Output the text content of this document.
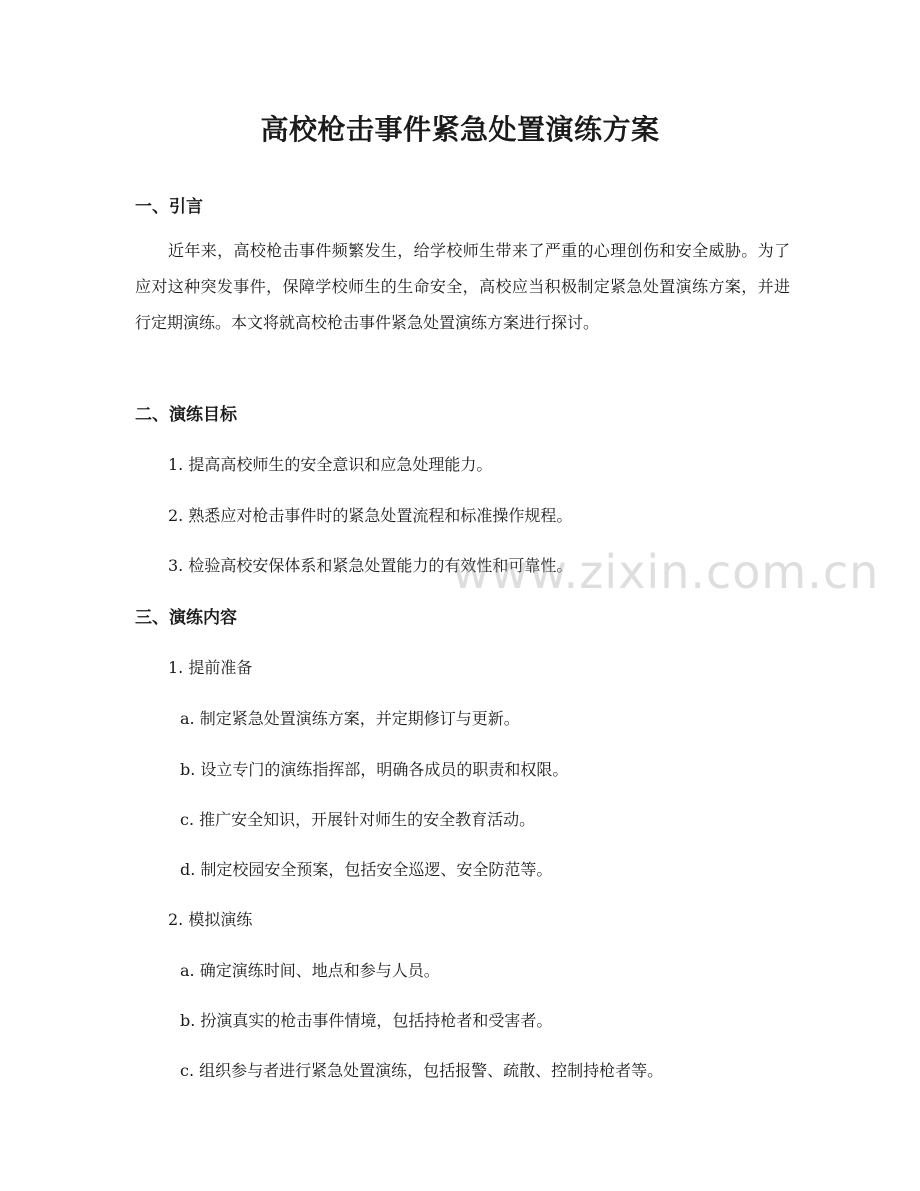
高校枪击事件紧急处置演练方案
一、引言

近年来，高校枪击事件频繁发生，给学校师生带来了严重的心理创伤和安全威胁。为了应对这种突发事件，保障学校师生的生命安全，高校应当积极制定紧急处置演练方案，并进行定期演练。本文将就高校枪击事件紧急处置演练方案进行探讨。

二、演练目标
1. 提高高校师生的安全意识和应急处理能力。
2. 熟悉应对枪击事件时的紧急处置流程和标准操作规程。
3. 检验高校安保体系和紧急处置能力的有效性和可靠性。
三、演练内容
1. 提前准备
a. 制定紧急处置演练方案，并定期修订与更新。
b. 设立专门的演练指挥部，明确各成员的职责和权限。
c. 推广安全知识，开展针对师生的安全教育活动。
d. 制定校园安全预案，包括安全巡逻、安全防范等。
2. 模拟演练
a. 确定演练时间、地点和参与人员。
b. 扮演真实的枪击事件情境，包括持枪者和受害者。
c. 组织参与者进行紧急处置演练，包括报警、疏散、控制持枪者等。
www.zixin.com.cn
